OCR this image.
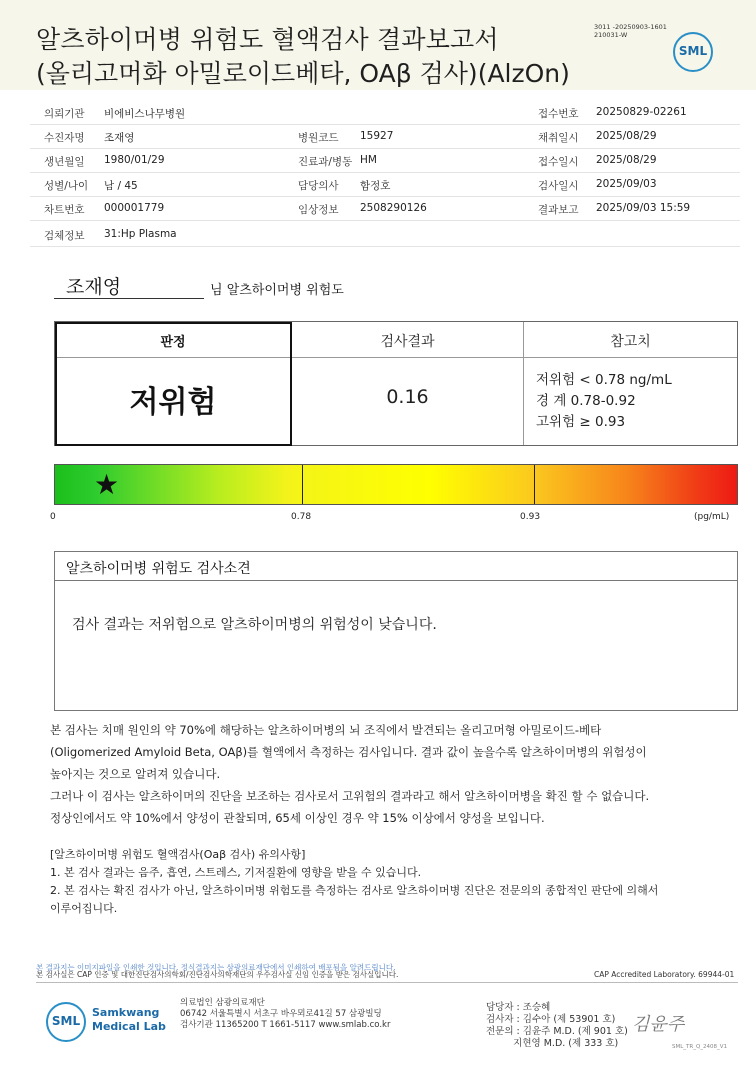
알츠하이머병 위험도 혈액검사 결과보고서
(올리고머화 아밀로이드베타, OAβ 검사)(AlzOn)
3011 -20250903-1601
210031-W
SML
의뢰기관 비에비스나무병원	접수번호 20250829-02261
수진자명 조재영	병원코드 15927	채취일시 2025/08/29
생년월일 1980/01/29	진료과/병동 HM	접수일시 2025/08/29
성별/나이 남 / 45	담당의사 함정호	검사일시 2025/09/03
차트번호 000001779	임상정보 2508290126	결과보고 2025/09/03 15:59
검체정보 31:Hp Plasma
조재영	님 알츠하이머병 위험도
판정	검사결과	참고치
저위험	0.16
저위험 < 0.78 ng/mL
경 계 0.78-0.92
고위험 ≥ 0.93
★
0	0.78	0.93	(pg/mL)
알츠하이머병 위험도 검사소견
검사 결과는 저위험으로 알츠하이머병의 위험성이 낮습니다.
본 검사는 치매 원인의 약 70%에 해당하는 알츠하이머병의 뇌 조직에서 발견되는 올리고머형 아밀로이드-베타
(Oligomerized Amyloid Beta, OAβ)를 혈액에서 측정하는 검사입니다. 결과 값이 높을수록 알츠하이머병의 위험성이
높아지는 것으로 알려져 있습니다.
그러나 이 검사는 알츠하이머의 진단을 보조하는 검사로서 고위험의 결과라고 해서 알츠하이머병을 확진 할 수 없습니다.
정상인에서도 약 10%에서 양성이 관찰되며, 65세 이상인 경우 약 15% 이상에서 양성을 보입니다.
[알츠하이머병 위험도 혈액검사(Oaβ 검사) 유의사항]
1. 본 검사 결과는 음주, 흡연, 스트레스, 기저질환에 영향을 받을 수 있습니다.
2. 본 검사는 확진 검사가 아닌, 알츠하이머병 위험도를 측정하는 검사로 알츠하이머병 진단은 전문의의 종합적인 판단에 의해서
이루어집니다.
본 결과지는 이미지파일을 인쇄한 것입니다. 정식결과지는 삼광의료재단에서 인쇄하여 배포됨을 알려드립니다.
본 검사실은 CAP 인증 및 대한진단검사의학회/진단검사의학재단의 우수검사실 신임 인증을 받은 검사실입니다.	CAP Accredited Laboratory. 69944-01
SML
Samkwang
Medical Lab
의료법인 삼광의료재단
06742 서울특별시 서초구 바우뫼로41길 57 삼광빌딩
검사기관 11365200 T 1661-5117 www.smlab.co.kr
담당자 : 조승혜
검사자 : 김수아 (제 53901 호)
전문의 : 김윤주 M.D. (제 901 호)
지현영 M.D. (제 333 호)
김윤주
SML_TR_Q_2408_V1
